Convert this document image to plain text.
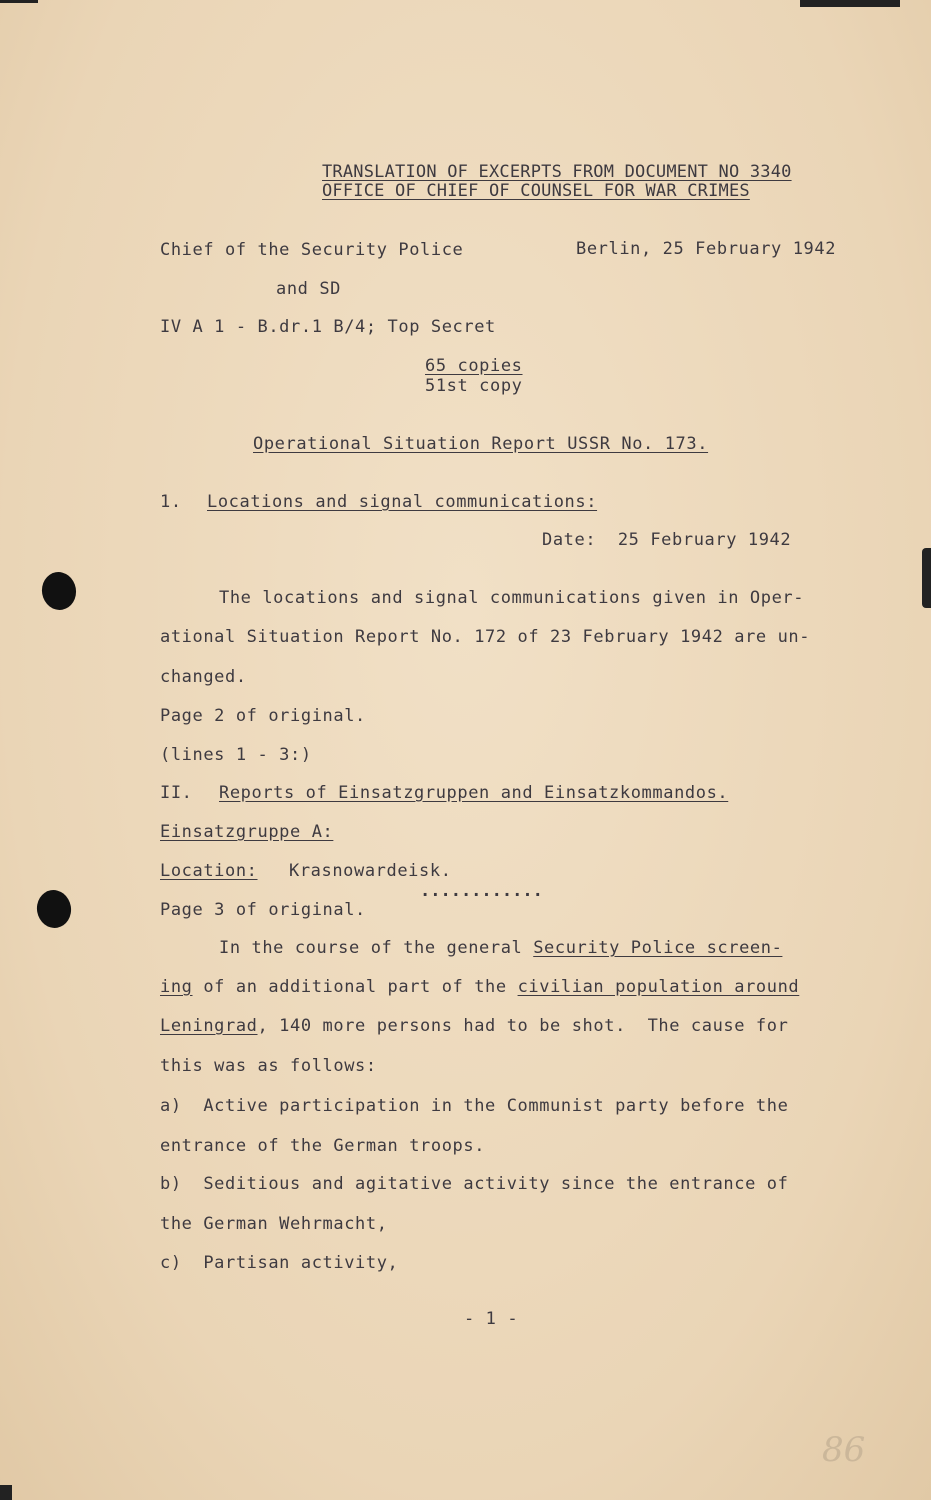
TRANSLATION OF EXCERPTS FROM DOCUMENT NO 3340
OFFICE OF CHIEF OF COUNSEL FOR WAR CRIMES
Chief of the Security Police	Berlin, 25 February 1942
and SD
IV A 1 - B.dr.1 B/4; Top Secret
65 copies
51st copy
Operational Situation Report USSR No. 173.
1. Locations and signal communications:
Date:  25 February 1942
The locations and signal communications given in Oper-
ational Situation Report No. 172 of 23 February 1942 are un-
changed.
Page 2 of original.
(lines 1 - 3:)
II. Reports of Einsatzgruppen and Einsatzkommandos.
Einsatzgruppe A:
Location: Krasnowardeisk.
............
Page 3 of original.
In the course of the general Security Police screen-
ing of an additional part of the civilian population around
Leningrad, 140 more persons had to be shot.  The cause for
this was as follows:
a)  Active participation in the Communist party before the
entrance of the German troops.
b)  Seditious and agitative activity since the entrance of
the German Wehrmacht,
c)  Partisan activity,
- 1 -
86
